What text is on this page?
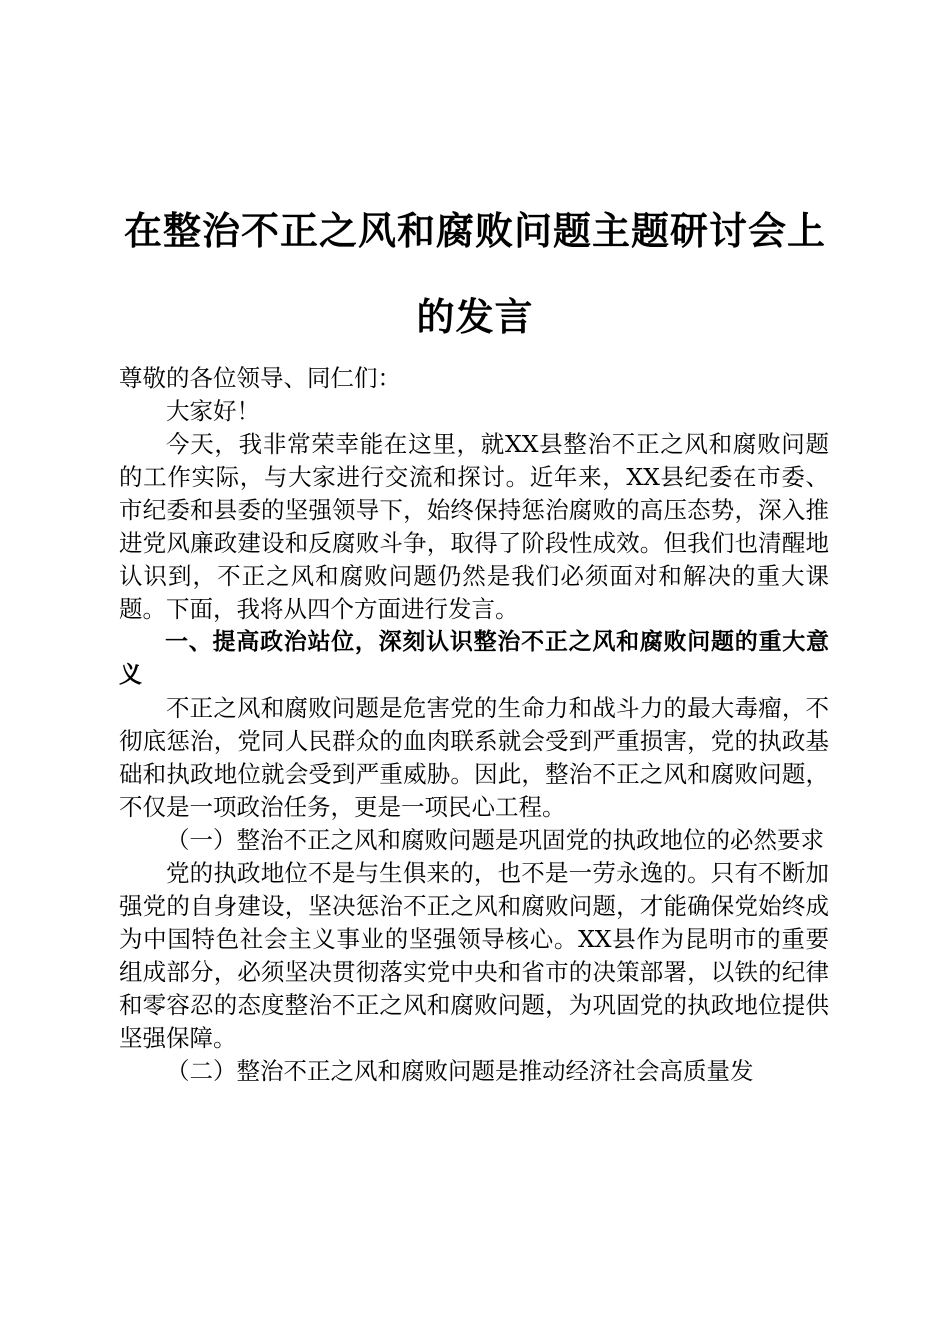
在整治不正之风和腐败问题主题研讨会上的发言

尊敬的各位领导、同仁们：

大家好！

今天，我非常荣幸能在这里，就XX县整治不正之风和腐败问题的工作实际，与大家进行交流和探讨。近年来，XX县纪委在市委、市纪委和县委的坚强领导下，始终保持惩治腐败的高压态势，深入推进党风廉政建设和反腐败斗争，取得了阶段性成效。但我们也清醒地认识到，不正之风和腐败问题仍然是我们必须面对和解决的重大课题。下面，我将从四个方面进行发言。

一、提高政治站位，深刻认识整治不正之风和腐败问题的重大意义

不正之风和腐败问题是危害党的生命力和战斗力的最大毒瘤，不彻底惩治，党同人民群众的血肉联系就会受到严重损害，党的执政基础和执政地位就会受到严重威胁。因此，整治不正之风和腐败问题，不仅是一项政治任务，更是一项民心工程。

（一）整治不正之风和腐败问题是巩固党的执政地位的必然要求

党的执政地位不是与生俱来的，也不是一劳永逸的。只有不断加强党的自身建设，坚决惩治不正之风和腐败问题，才能确保党始终成为中国特色社会主义事业的坚强领导核心。XX县作为昆明市的重要组成部分，必须坚决贯彻落实党中央和省市的决策部署，以铁的纪律和零容忍的态度整治不正之风和腐败问题，为巩固党的执政地位提供坚强保障。

（二）整治不正之风和腐败问题是推动经济社会高质量发
